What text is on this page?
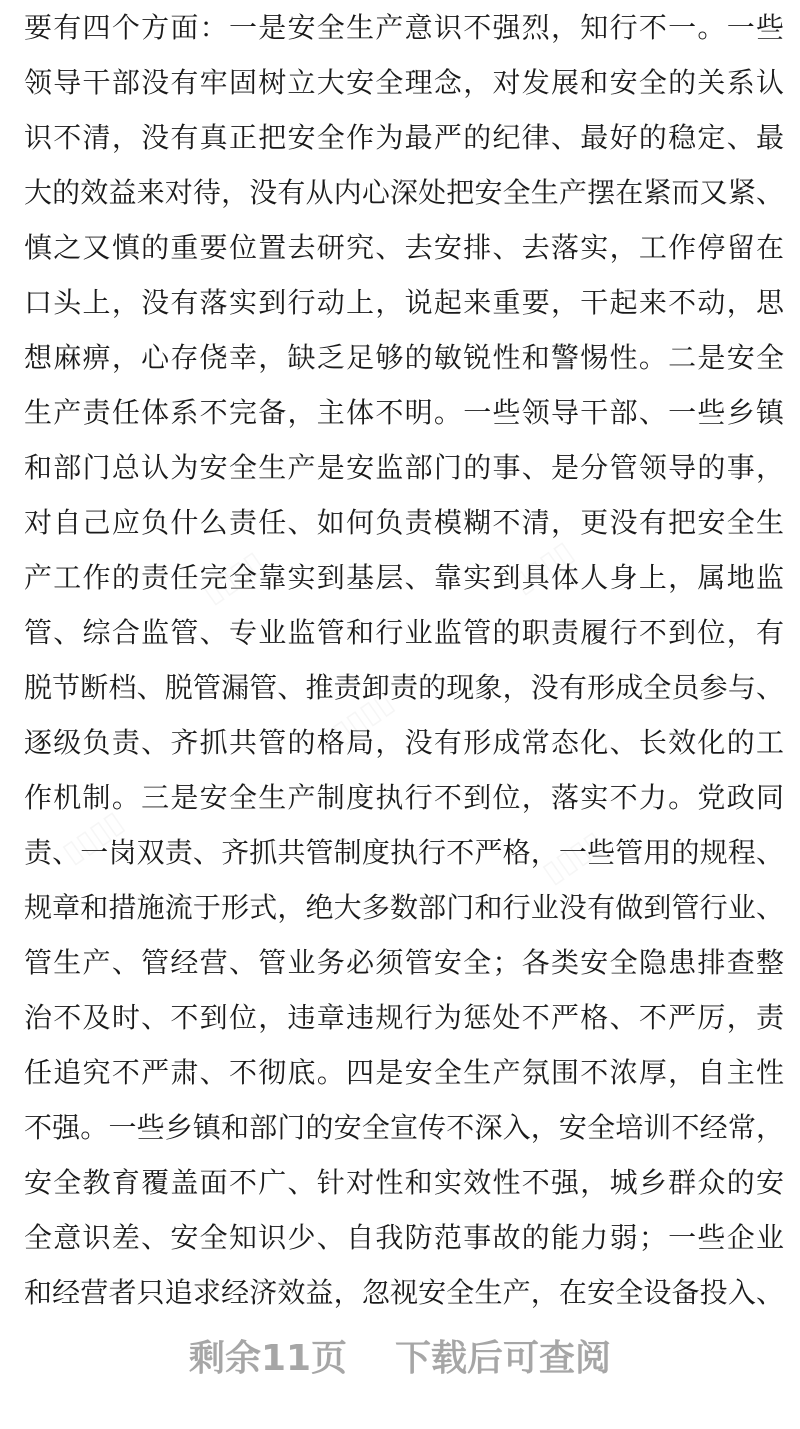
要有四个方面：一是安全生产意识不强烈，知行不一。一些
领导干部没有牢固树立大安全理念，对发展和安全的关系认
识不清，没有真正把安全作为最严的纪律、最好的稳定、最
大的效益来对待，没有从内心深处把安全生产摆在紧而又紧、
慎之又慎的重要位置去研究、去安排、去落实，工作停留在
口头上，没有落实到行动上，说起来重要，干起来不动，思
想麻痹，心存侥幸，缺乏足够的敏锐性和警惕性。二是安全
生产责任体系不完备，主体不明。一些领导干部、一些乡镇
和部门总认为安全生产是安监部门的事、是分管领导的事，
对自己应负什么责任、如何负责模糊不清，更没有把安全生
产工作的责任完全靠实到基层、靠实到具体人身上，属地监
管、综合监管、专业监管和行业监管的职责履行不到位，有
脱节断档、脱管漏管、推责卸责的现象，没有形成全员参与、
逐级负责、齐抓共管的格局，没有形成常态化、长效化的工
作机制。三是安全生产制度执行不到位，落实不力。党政同
责、一岗双责、齐抓共管制度执行不严格，一些管用的规程、
规章和措施流于形式，绝大多数部门和行业没有做到管行业、
管生产、管经营、管业务必须管安全；各类安全隐患排查整
治不及时、不到位，违章违规行为惩处不严格、不严厉，责
任追究不严肃、不彻底。四是安全生产氛围不浓厚，自主性
不强。一些乡镇和部门的安全宣传不深入，安全培训不经常，
安全教育覆盖面不广、针对性和实效性不强，城乡群众的安
全意识差、安全知识少、自我防范事故的能力弱；一些企业
和经营者只追求经济效益，忽视安全生产，在安全设备投入、
剩余11页 下载后可查阅
